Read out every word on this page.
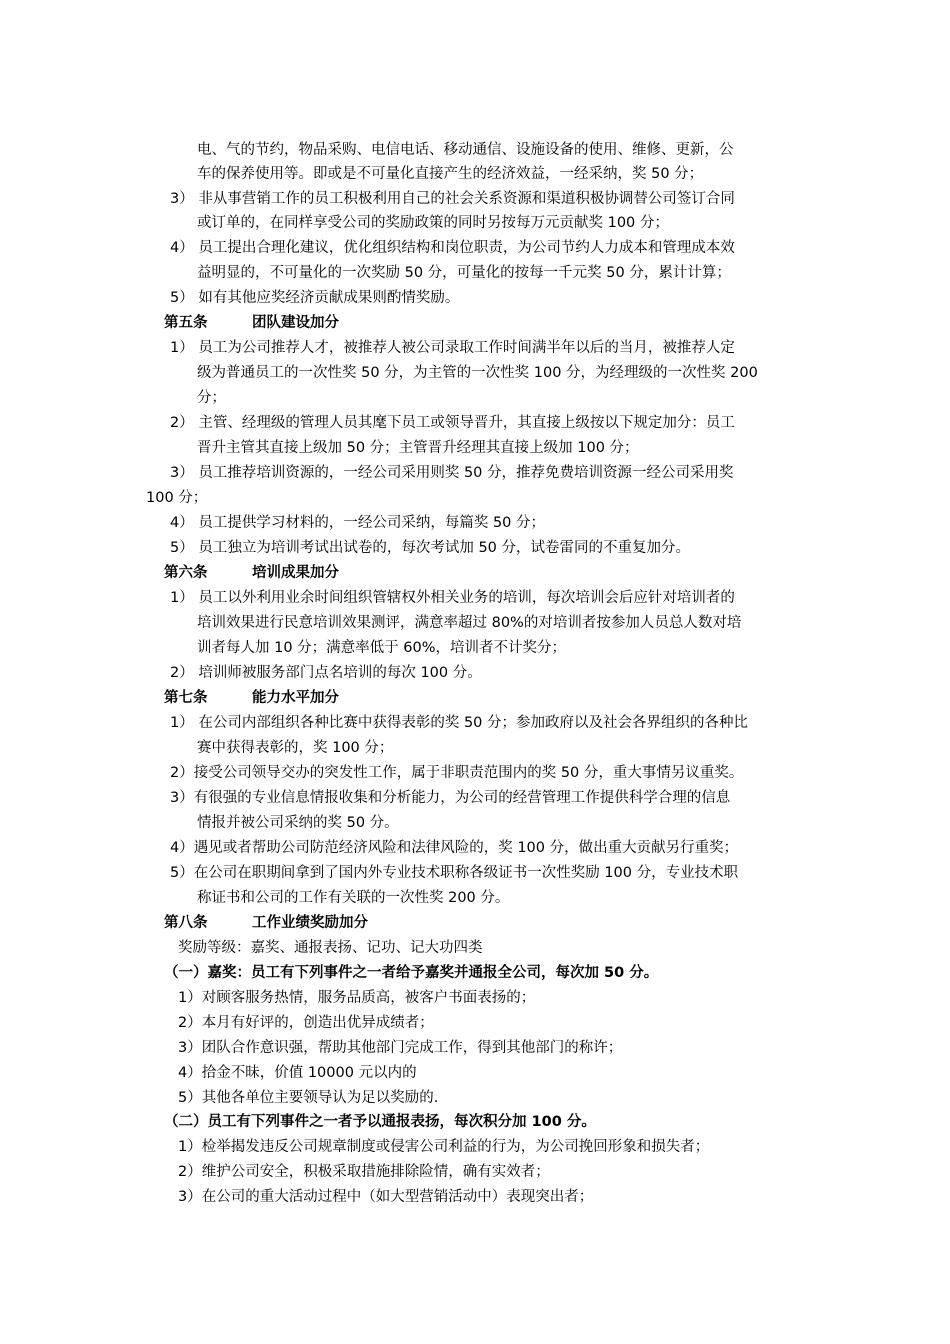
电、气的节约，物品采购、电信电话、移动通信、设施设备的使用、维修、更新，公
车的保养使用等。即或是不可量化直接产生的经济效益，一经采纳，奖 50 分；
3） 非从事营销工作的员工积极利用自己的社会关系资源和渠道积极协调替公司签订合同
或订单的，在同样享受公司的奖励政策的同时另按每万元贡献奖 100 分；
4） 员工提出合理化建议，优化组织结构和岗位职责，为公司节约人力成本和管理成本效
益明显的，不可量化的一次奖励 50 分，可量化的按每一千元奖 50 分，累计计算；
5） 如有其他应奖经济贡献成果则酌情奖励。
第五条	团队建设加分
1） 员工为公司推荐人才，被推荐人被公司录取工作时间满半年以后的当月，被推荐人定
级为普通员工的一次性奖 50 分，为主管的一次性奖 100 分，为经理级的一次性奖 200
分；
2） 主管、经理级的管理人员其麾下员工或领导晋升，其直接上级按以下规定加分：员工
晋升主管其直接上级加 50 分；主管晋升经理其直接上级加 100 分；
3） 员工推荐培训资源的，一经公司采用则奖 50 分，推荐免费培训资源一经公司采用奖
100 分；
4） 员工提供学习材料的，一经公司采纳，每篇奖 50 分；
5） 员工独立为培训考试出试卷的，每次考试加 50 分，试卷雷同的不重复加分。
第六条	培训成果加分
1） 员工以外利用业余时间组织管辖权外相关业务的培训，每次培训会后应针对培训者的
培训效果进行民意培训效果测评，满意率超过 80%的对培训者按参加人员总人数对培
训者每人加 10 分；满意率低于 60%，培训者不计奖分；
2） 培训师被服务部门点名培训的每次 100 分。
第七条	能力水平加分
1） 在公司内部组织各种比赛中获得表彰的奖 50 分；参加政府以及社会各界组织的各种比
赛中获得表彰的，奖 100 分；
2）接受公司领导交办的突发性工作，属于非职责范围内的奖 50 分，重大事情另议重奖。
3）有很强的专业信息情报收集和分析能力，为公司的经营管理工作提供科学合理的信息
情报并被公司采纳的奖 50 分。
4）遇见或者帮助公司防范经济风险和法律风险的，奖 100 分，做出重大贡献另行重奖；
5）在公司在职期间拿到了国内外专业技术职称各级证书一次性奖励 100 分，专业技术职
称证书和公司的工作有关联的一次性奖 200 分。
第八条	工作业绩奖励加分
奖励等级：嘉奖、通报表扬、记功、记大功四类
（一）嘉奖：员工有下列事件之一者给予嘉奖并通报全公司，每次加 50 分。
1）对顾客服务热情，服务品质高，被客户书面表扬的；
2）本月有好评的，创造出优异成绩者；
3）团队合作意识强，帮助其他部门完成工作，得到其他部门的称许；
4）拾金不昧，价值 10000 元以内的
5）其他各单位主要领导认为足以奖励的.
（二）员工有下列事件之一者予以通报表扬，每次积分加 100 分。
1）检举揭发违反公司规章制度或侵害公司利益的行为，为公司挽回形象和损失者；
2）维护公司安全，积极采取措施排除险情，确有实效者；
3）在公司的重大活动过程中（如大型营销活动中）表现突出者；
